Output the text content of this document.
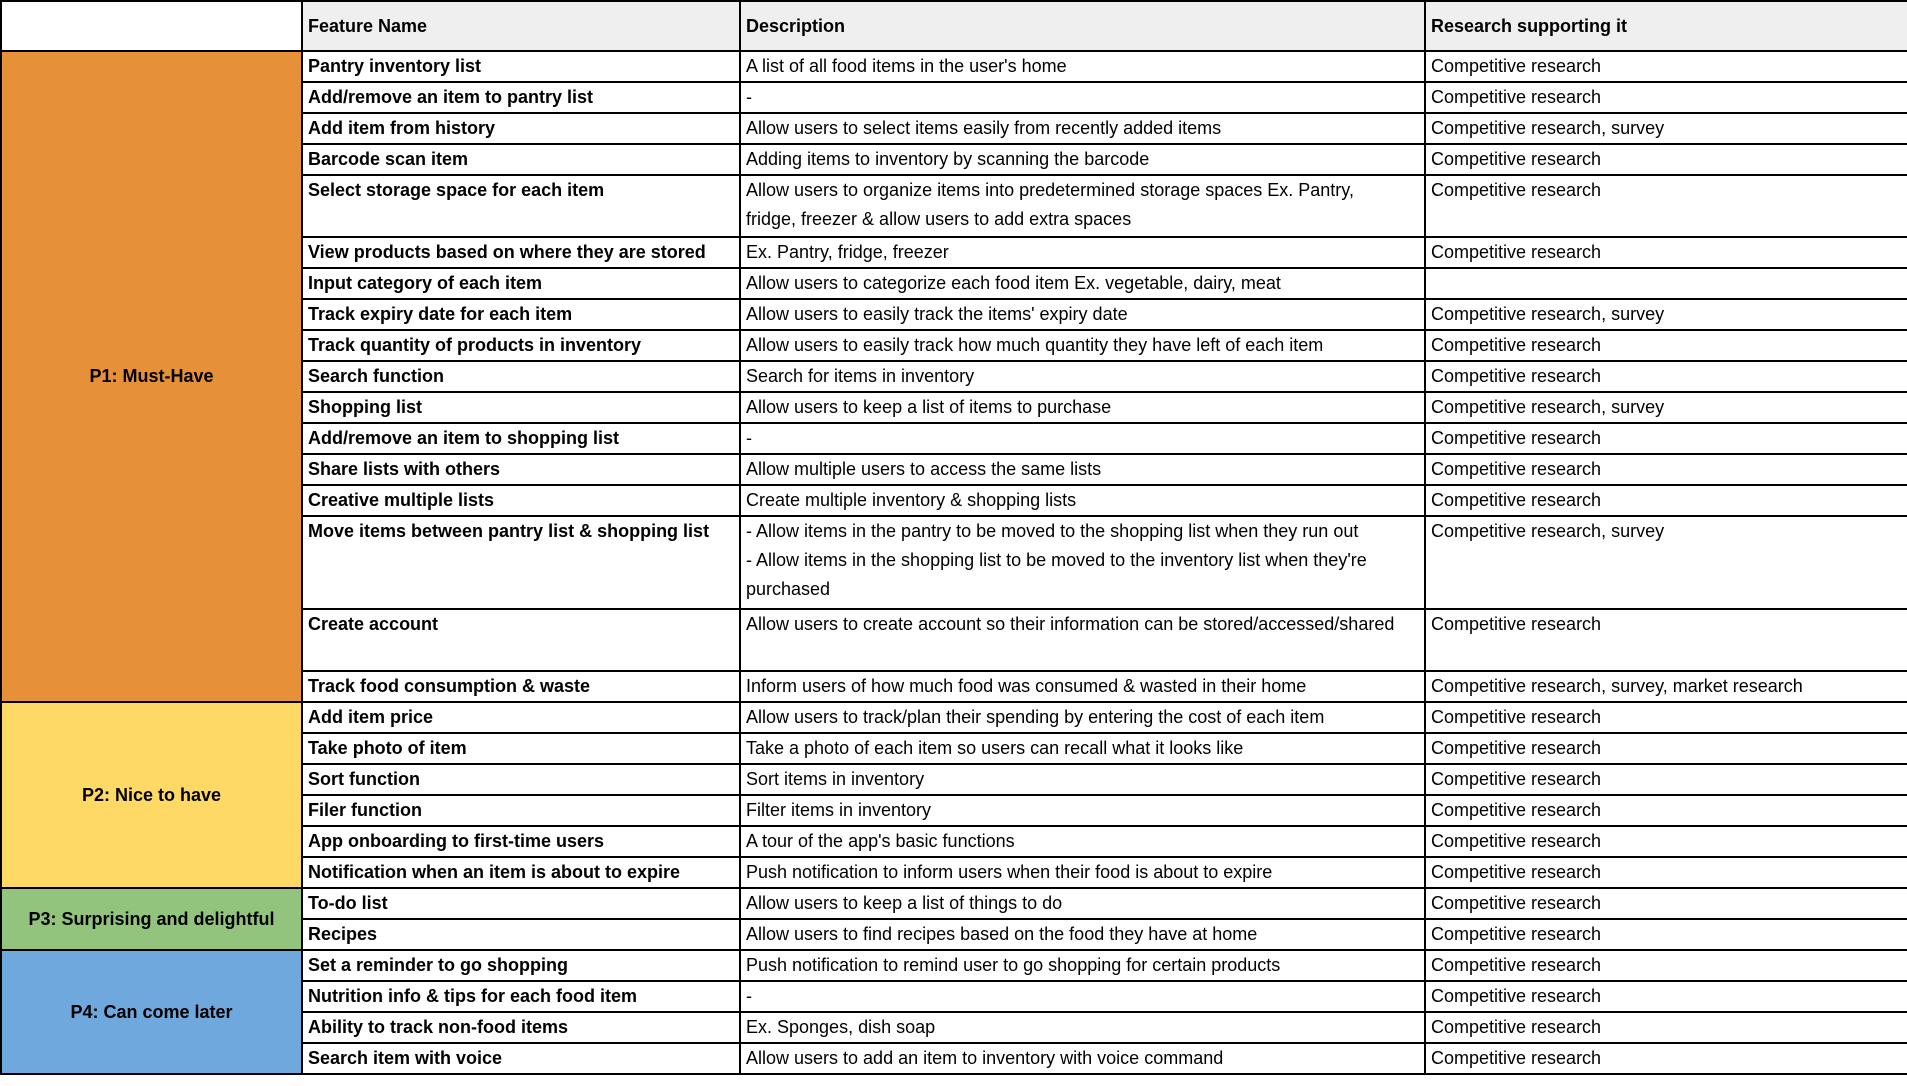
	Feature Name	Description	Research supporting it
P1: Must-Have	Pantry inventory list	A list of all food items in the user's home	Competitive research
	Add/remove an item to pantry list	-	Competitive research
	Add item from history	Allow users to select items easily from recently added items	Competitive research, survey
	Barcode scan item	Adding items to inventory by scanning the barcode	Competitive research
	Select storage space for each item	Allow users to organize items into predetermined storage spaces Ex. Pantry,
fridge, freezer & allow users to add extra spaces	Competitive research
	View products based on where they are stored	Ex. Pantry, fridge, freezer	Competitive research
	Input category of each item	Allow users to categorize each food item Ex. vegetable, dairy, meat	

	Track expiry date for each item	Allow users to easily track the items' expiry date	Competitive research, survey
	Track quantity of products in inventory	Allow users to easily track how much quantity they have left of each item	Competitive research
	Search function	Search for items in inventory	Competitive research
	Shopping list	Allow users to keep a list of items to purchase	Competitive research, survey
	Add/remove an item to shopping list	-	Competitive research
	Share lists with others	Allow multiple users to access the same lists	Competitive research
	Creative multiple lists	Create multiple inventory & shopping lists	Competitive research
	Move items between pantry list & shopping list	- Allow items in the pantry to be moved to the shopping list when they run out
- Allow items in the shopping list to be moved to the inventory list when they're
purchased	Competitive research, survey
	Create account	Allow users to create account so their information can be stored/accessed/shared	Competitive research
	Track food consumption & waste	Inform users of how much food was consumed & wasted in their home	Competitive research, survey, market research
P2: Nice to have	Add item price	Allow users to track/plan their spending by entering the cost of each item	Competitive research
	Take photo of item	Take a photo of each item so users can recall what it looks like	Competitive research
	Sort function	Sort items in inventory	Competitive research
	Filer function	Filter items in inventory	Competitive research
	App onboarding to first-time users	A tour of the app's basic functions	Competitive research
	Notification when an item is about to expire	Push notification to inform users when their food is about to expire	Competitive research
P3: Surprising and delightful	To-do list	Allow users to keep a list of things to do	Competitive research
	Recipes	Allow users to find recipes based on the food they have at home	Competitive research
P4: Can come later	Set a reminder to go shopping	Push notification to remind user to go shopping for certain products	Competitive research
	Nutrition info & tips for each food item	-	Competitive research
	Ability to track non-food items	Ex. Sponges, dish soap	Competitive research
	Search item with voice	Allow users to add an item to inventory with voice command	Competitive research
